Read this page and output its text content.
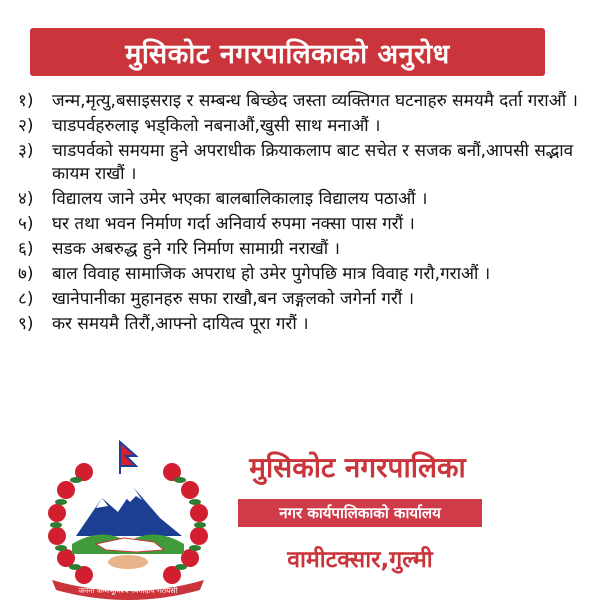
मुसिकोट नगरपालिकाको अनुरोध
१)	जन्म,मृत्यु,बसाइसराइ र सम्बन्ध बिच्छेद जस्ता व्यक्तिगत घटनाहरु समयमै दर्ता गराऔं ।
२)	चाडपर्वहरुलाइ भड्किलो नबनाऔं,खुसी साथ मनाऔं ।
३)	चाडपर्वको समयमा हुने अपराधीक क्रियाकलाप बाट सचेत र सजक बनौं,आपसी सद्भाव कायम राखौं ।
४)	विद्यालय जाने उमेर भएका बालबालिकालाइ विद्यालय पठाऔं ।
५)	घर तथा भवन निर्माण गर्दा अनिवार्य रुपमा नक्सा पास गरौं ।
६)	सडक अबरुद्ध हुने गरि निर्माण सामाग्री नराखौं ।
७)	बाल विवाह सामाजिक अपराध हो उमेर पुगेपछि मात्र विवाह गरौ,गराऔं ।
८)	खानेपानीका मुहानहरु सफा राखौ,बन जङ्गलको जगेर्ना गरौं ।
९)	कर समयमै तिरौं,आफ्नो दायित्व पूरा गरौं ।
जननी जन्मभूमिश्च स्वर्गादपि गरीयसी
मुसिकोट नगरपालिका
नगर कार्यपालिकाको कार्यालय
वामीटक्सार,गुल्मी
